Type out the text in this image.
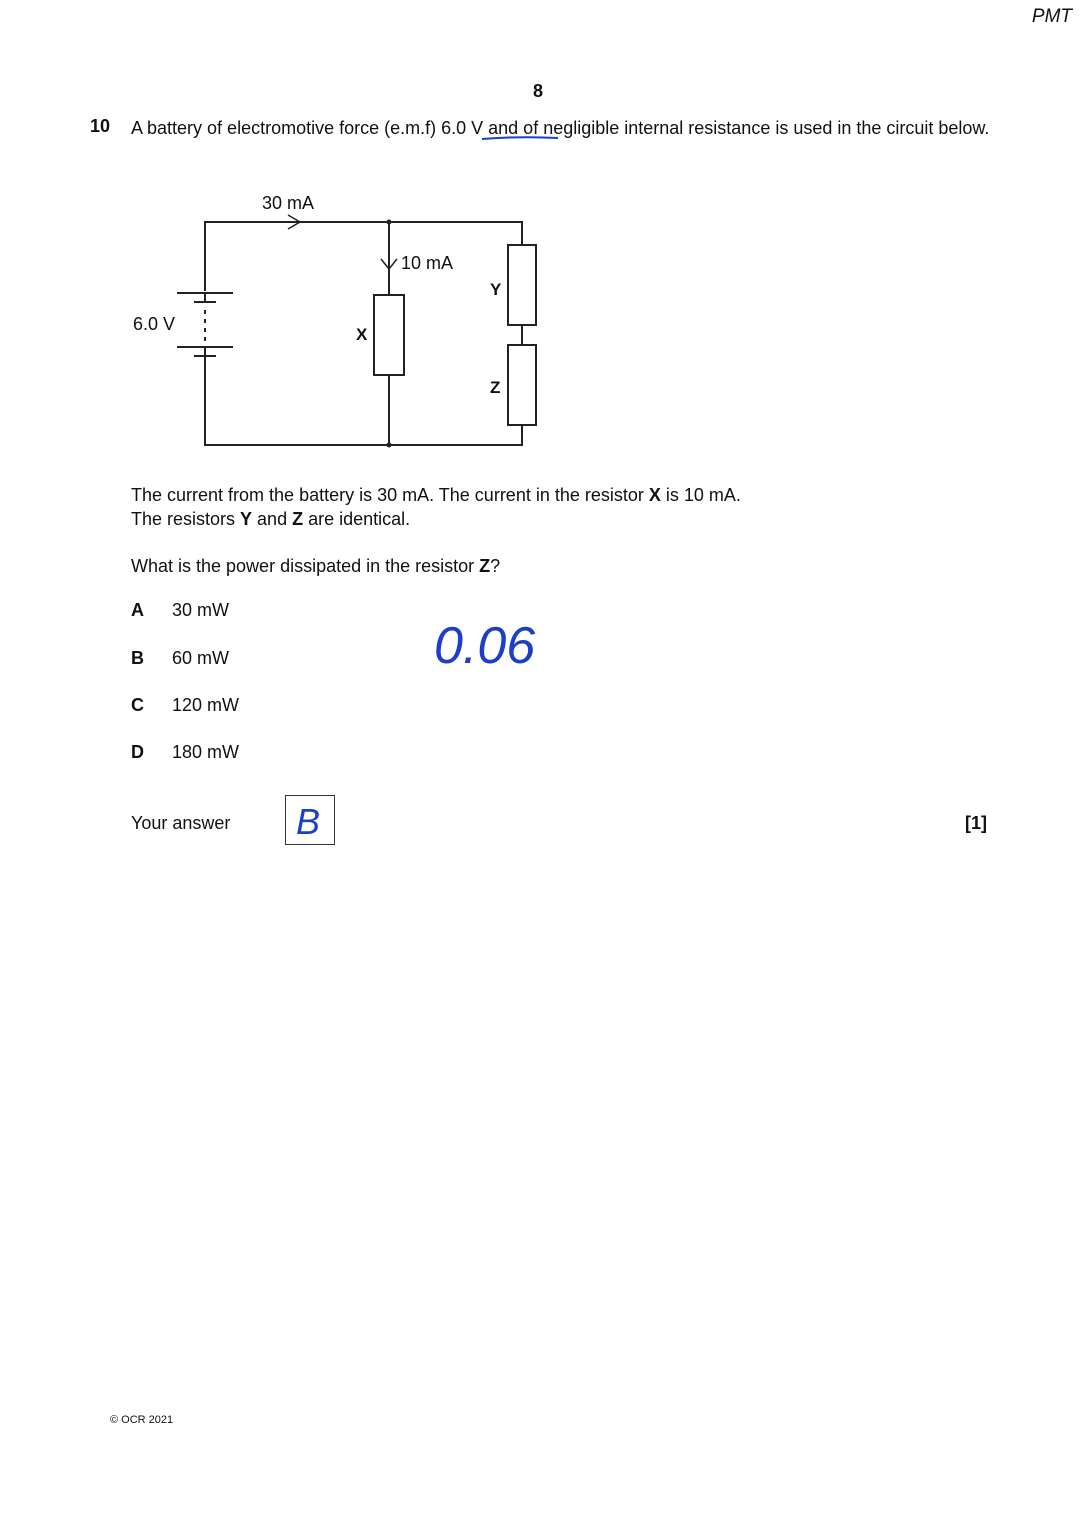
PMT
8
10 A battery of electromotive force (e.m.f) 6.0 V and of negligible internal resistance is used in the circuit below.
30 mA
10 mA
6.0 V
X
Y
Z
The current from the battery is 30 mA. The current in the resistor X is 10 mA.
The resistors Y and Z are identical.
What is the power dissipated in the resistor Z?
A 30 mW
B 60 mW
C 120 mW
D 180 mW
0.06
Your answer B	[1]
© OCR 2021
